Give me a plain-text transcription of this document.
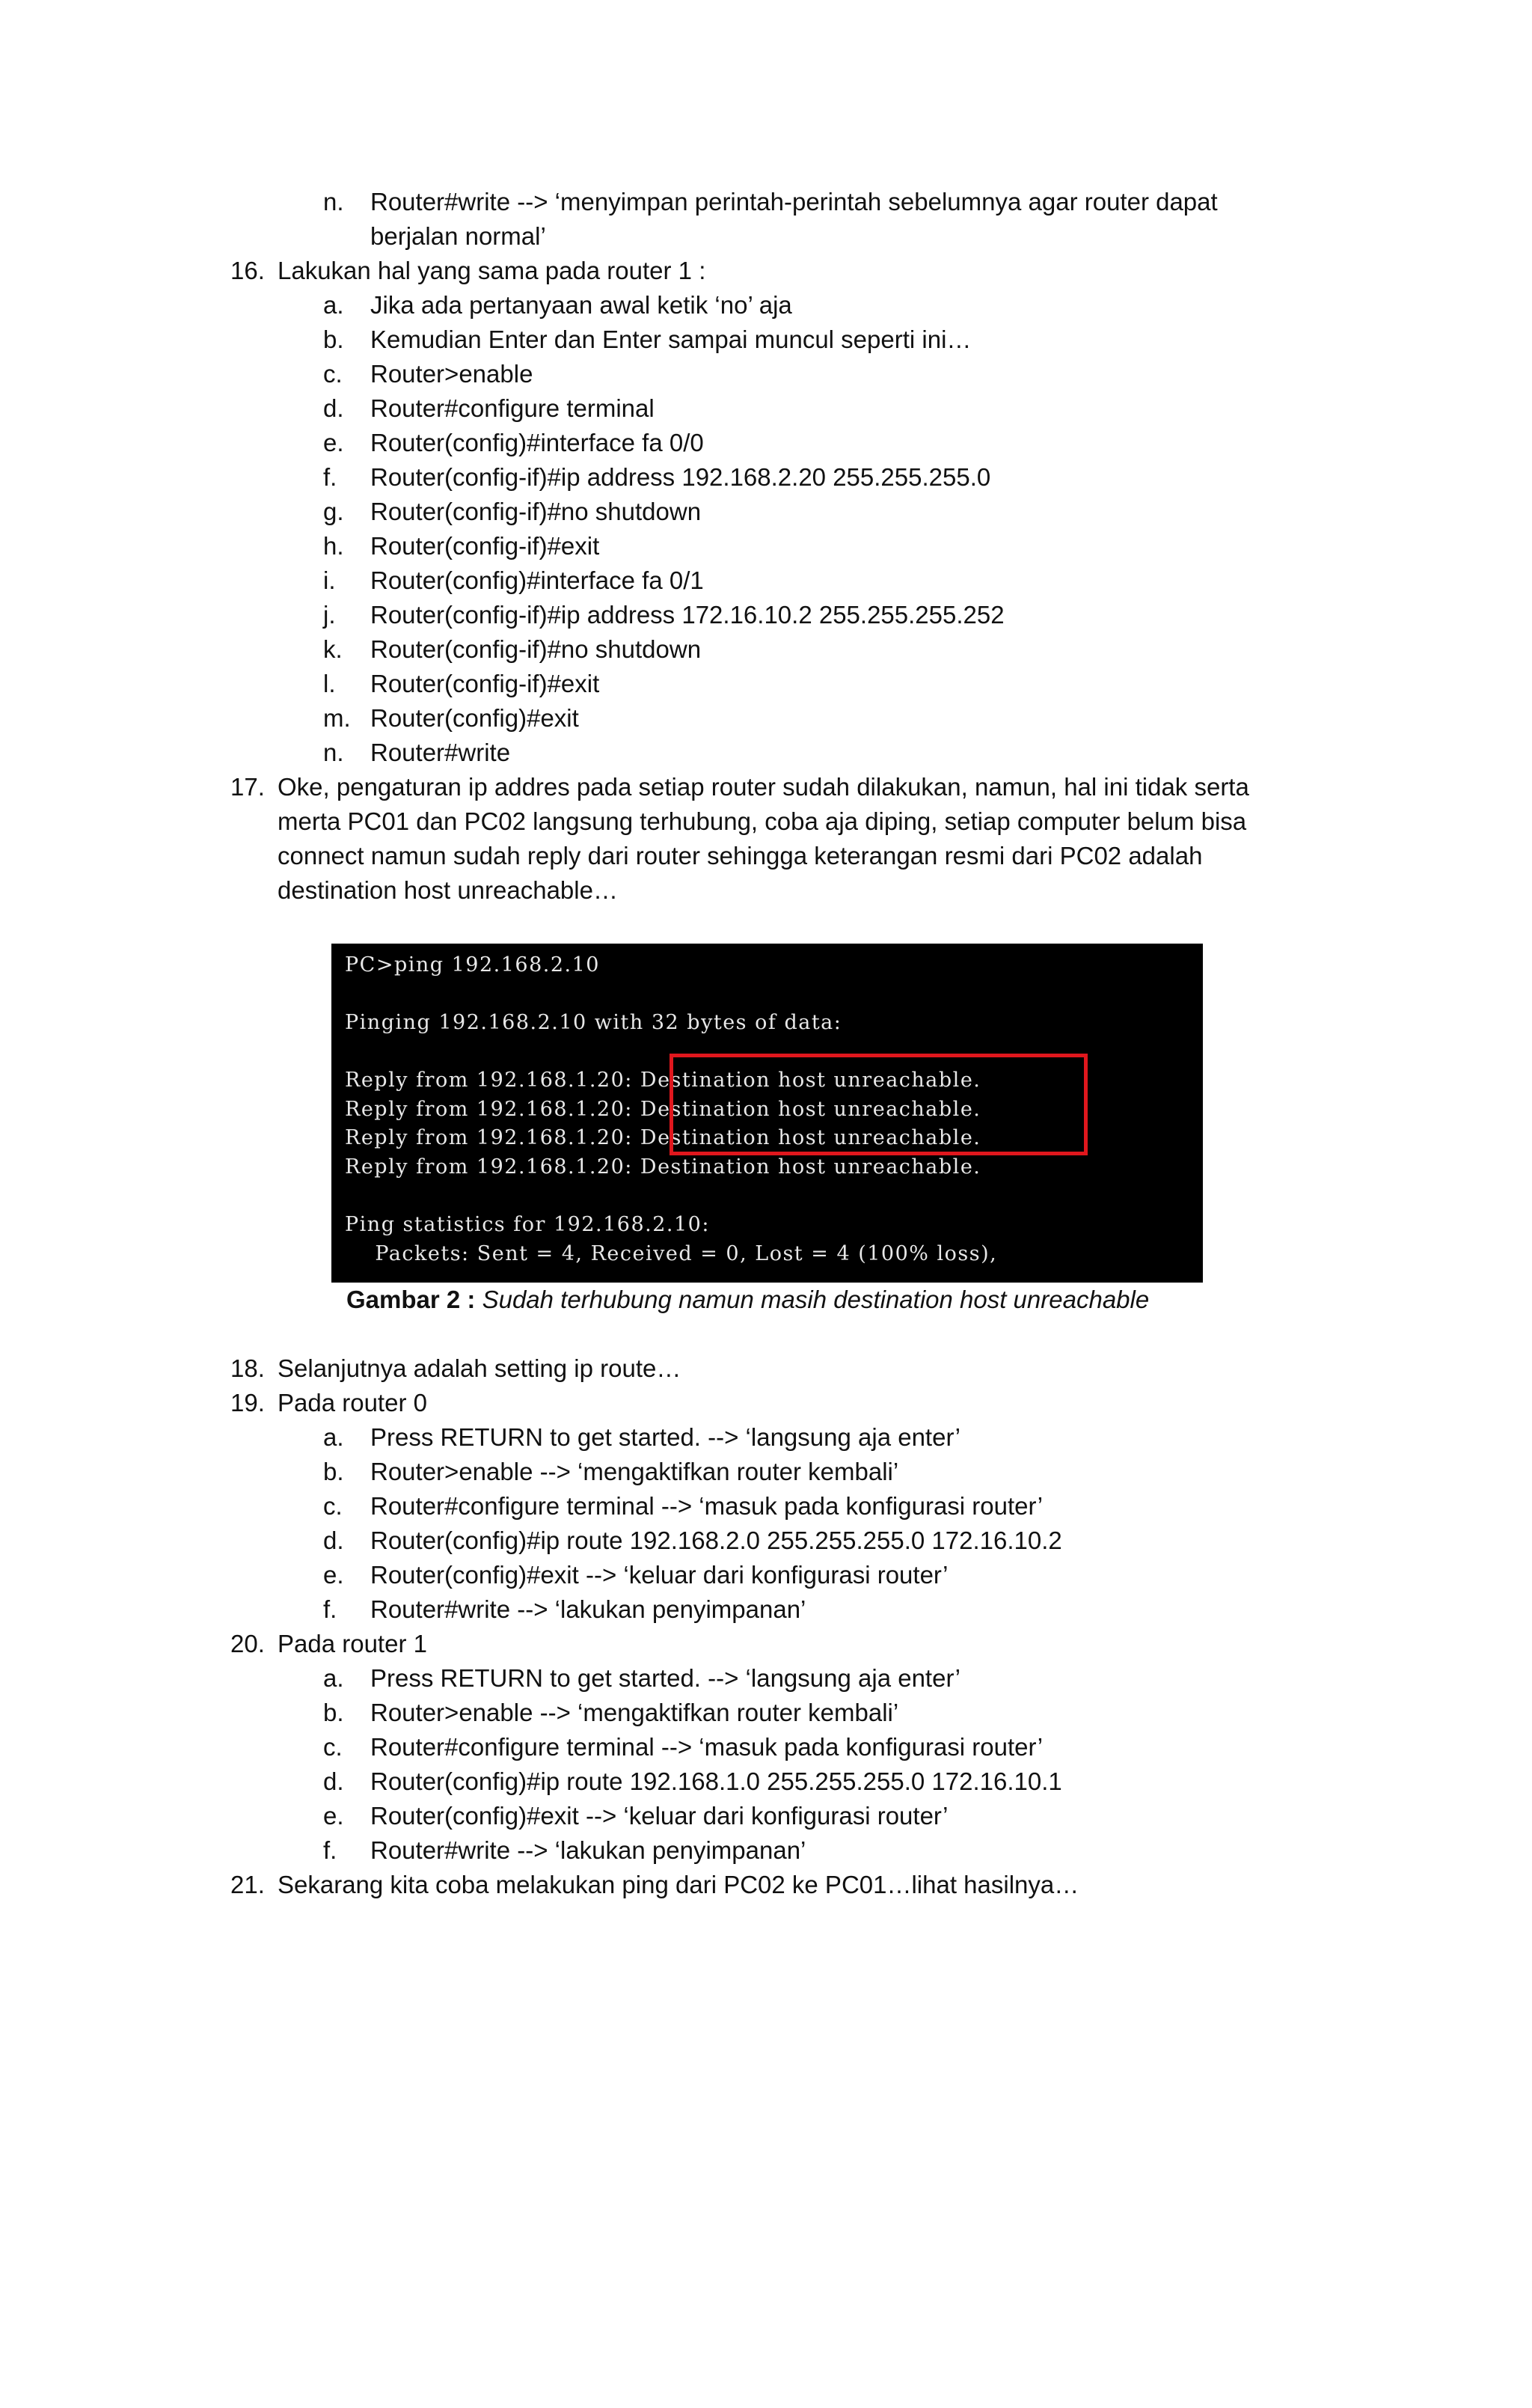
n. Router#write --> ‘menyimpan perintah-perintah sebelumnya agar router dapat
berjalan normal’
16. Lakukan hal yang sama pada router 1 :
a. Jika ada pertanyaan awal ketik ‘no’ aja
b. Kemudian Enter dan Enter sampai muncul seperti ini…
c. Router>enable
d. Router#configure terminal
e. Router(config)#interface fa 0/0
f. Router(config-if)#ip address 192.168.2.20 255.255.255.0
g. Router(config-if)#no shutdown
h. Router(config-if)#exit
i. Router(config)#interface fa 0/1
j. Router(config-if)#ip address 172.16.10.2 255.255.255.252
k. Router(config-if)#no shutdown
l. Router(config-if)#exit
m. Router(config)#exit
n. Router#write
17. Oke, pengaturan ip addres pada setiap router sudah dilakukan, namun, hal ini tidak serta
merta PC01 dan PC02 langsung terhubung, coba aja diping, setiap computer belum bisa
connect namun sudah reply dari router sehingga keterangan resmi dari PC02 adalah
destination host unreachable…
PC>ping 192.168.2.10
Pinging 192.168.2.10 with 32 bytes of data:
Reply from 192.168.1.20: Destination host unreachable.
Reply from 192.168.1.20: Destination host unreachable.
Reply from 192.168.1.20: Destination host unreachable.
Reply from 192.168.1.20: Destination host unreachable.
Ping statistics for 192.168.2.10:
Packets: Sent = 4, Received = 0, Lost = 4 (100% loss),
Gambar 2 : Sudah terhubung namun masih destination host unreachable
18. Selanjutnya adalah setting ip route…
19. Pada router 0
a. Press RETURN to get started. --> ‘langsung aja enter’
b. Router>enable --> ‘mengaktifkan router kembali’
c. Router#configure terminal --> ‘masuk pada konfigurasi router’
d. Router(config)#ip route 192.168.2.0 255.255.255.0 172.16.10.2
e. Router(config)#exit --> ‘keluar dari konfigurasi router’
f. Router#write --> ‘lakukan penyimpanan’
20. Pada router 1
a. Press RETURN to get started. --> ‘langsung aja enter’
b. Router>enable --> ‘mengaktifkan router kembali’
c. Router#configure terminal --> ‘masuk pada konfigurasi router’
d. Router(config)#ip route 192.168.1.0 255.255.255.0 172.16.10.1
e. Router(config)#exit --> ‘keluar dari konfigurasi router’
f. Router#write --> ‘lakukan penyimpanan’
21. Sekarang kita coba melakukan ping dari PC02 ke PC01…lihat hasilnya…
